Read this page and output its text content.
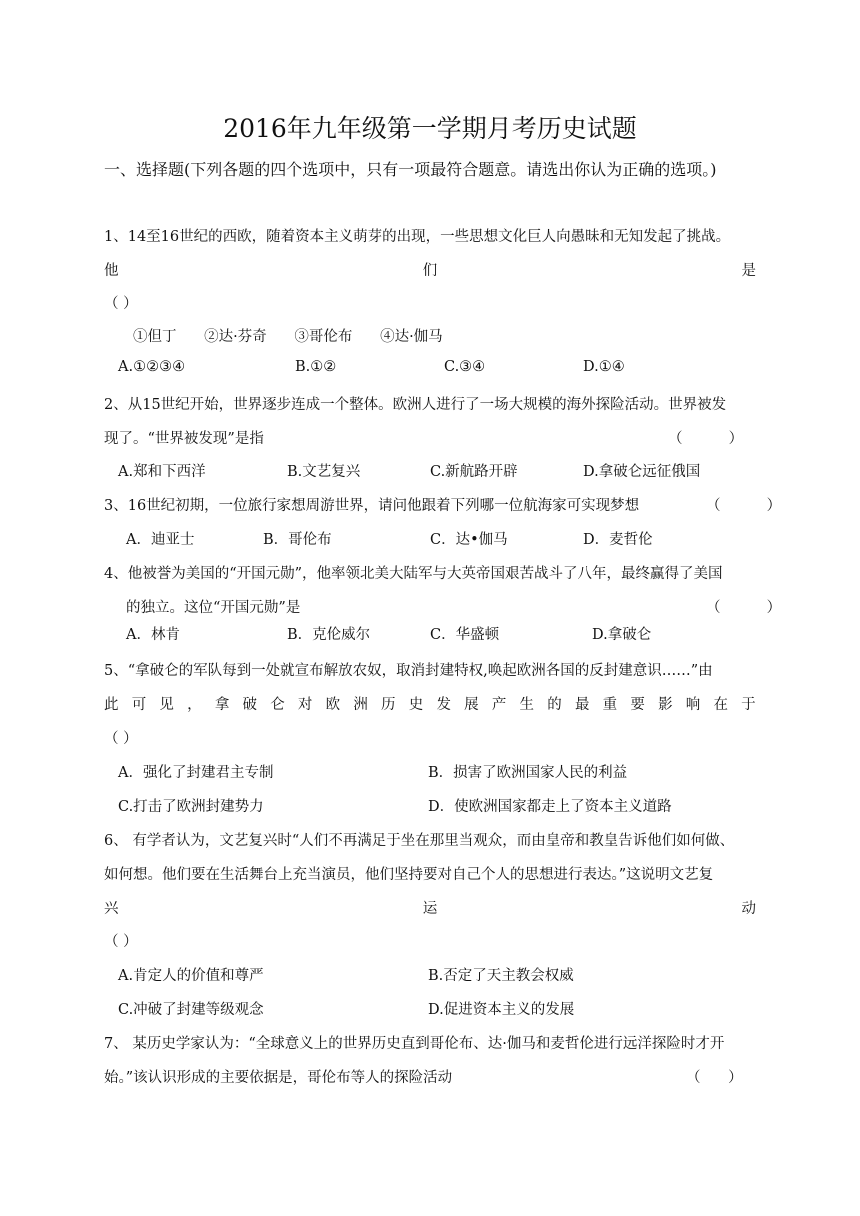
2016年九年级第一学期月考历史试题
一、选择题(下列各题的四个选项中，只有一项最符合题意。请选出你认为正确的选项。)
1、14至16世纪的西欧，随着资本主义萌芽的出现，一些思想文化巨人向愚昧和无知发起了挑战。
他	们	是
（ ）
①但丁      ②达·芬奇      ③哥伦布      ④达·伽马
A.①②③④	B.①②	C.③④	D.①④
2、从15世纪开始，世界逐步连成一个整体。欧洲人进行了一场大规模的海外探险活动。世界被发
现了。“世界被发现”是指	（          ）
A.郑和下西洋	B.文艺复兴	C.新航路开辟	D.拿破仑远征俄国
3、16世纪初期，一位旅行家想周游世界，请问他跟着下列哪一位航海家可实现梦想	（          ）
A．迪亚士	B．哥伦布	C．达•伽马	D．麦哲伦
4、他被誉为美国的“开国元勋”，他率领北美大陆军与大英帝国艰苦战斗了八年，最终赢得了美国
的独立。这位“开国元勋”是	（          ）
A．林肯	B．克伦威尔	C．华盛顿	D.拿破仑
5、“拿破仑的军队每到一处就宣布解放农奴，取消封建特权,唤起欧洲各国的反封建意识……”由
此 可 见 ， 拿 破 仑 对 欧 洲 历 史 发 展 产 生 的 最 重 要 影 响 在 于
（ ）
A．强化了封建君主专制	B．损害了欧洲国家人民的利益
C.打击了欧洲封建势力	D．使欧洲国家都走上了资本主义道路
6、 有学者认为，文艺复兴时“人们不再满足于坐在那里当观众，而由皇帝和教皇告诉他们如何做、
如何想。他们要在生活舞台上充当演员，他们坚持要对自己个人的思想进行表达。”这说明文艺复
兴	运	动
（ ）
A.肯定人的价值和尊严	B.否定了天主教会权威
C.冲破了封建等级观念	D.促进资本主义的发展
7、 某历史学家认为：“全球意义上的世界历史直到哥伦布、达·伽马和麦哲伦进行远洋探险时才开
始。”该认识形成的主要依据是，哥伦布等人的探险活动	（      ）
